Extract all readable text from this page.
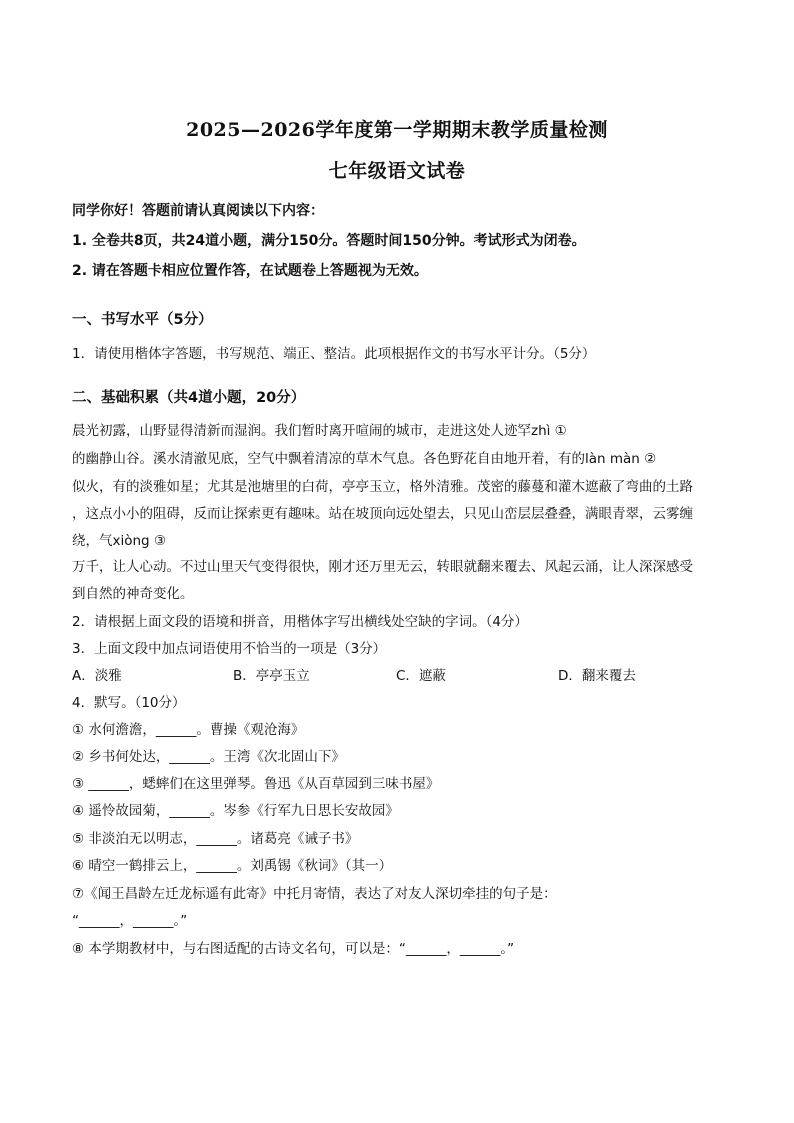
2025—2026学年度第一学期期末教学质量检测
七年级语文试卷
同学你好！答题前请认真阅读以下内容：
1. 全卷共8页，共24道小题，满分150分。答题时间150分钟。考试形式为闭卷。
2. 请在答题卡相应位置作答，在试题卷上答题视为无效。
一、书写水平（5分）
1．请使用楷体字答题，书写规范、端正、整洁。此项根据作文的书写水平计分。（5分）
二、基础积累（共4道小题，20分）
晨光初露，山野显得清新而湿润。我们暂时离开喧闹的城市，走进这处人迹罕zhì ①
的幽静山谷。溪水清澈见底，空气中飘着清凉的草木气息。各色野花自由地开着，有的làn màn ②
似火，有的淡雅如星；尤其是池塘里的白荷，亭亭玉立，格外清雅。茂密的藤蔓和灌木遮蔽了弯曲的土路
，这点小小的阻碍，反而让探索更有趣味。站在坡顶向远处望去，只见山峦层层叠叠，满眼青翠，云雾缠
绕，气xiòng ③
万千，让人心动。不过山里天气变得很快，刚才还万里无云，转眼就翻来覆去、风起云涌，让人深深感受
到自然的神奇变化。
2．请根据上面文段的语境和拼音，用楷体字写出横线处空缺的字词。（4分）
3．上面文段中加点词语使用不恰当的一项是（3分）
A．淡雅	B．亭亭玉立	C．遮蔽	D．翻来覆去
4．默写。（10分）
① 水何澹澹，______。曹操《观沧海》
② 乡书何处达，______。王湾《次北固山下》
③ ______，蟋蟀们在这里弹琴。鲁迅《从百草园到三味书屋》
④ 遥怜故园菊，______。岑参《行军九日思长安故园》
⑤ 非淡泊无以明志，______。诸葛亮《诫子书》
⑥ 晴空一鹤排云上，______。刘禹锡《秋词》（其一）
⑦《闻王昌龄左迁龙标遥有此寄》中托月寄情，表达了对友人深切牵挂的句子是：
“______，______。”
⑧ 本学期教材中，与右图适配的古诗文名句，可以是：“______，______。”
